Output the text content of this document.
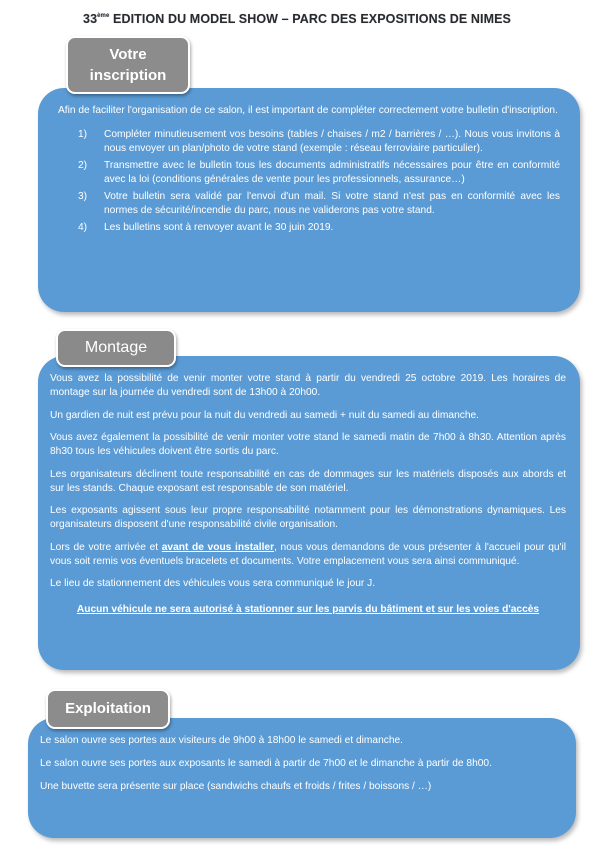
33ème EDITION DU MODEL SHOW – PARC DES EXPOSITIONS DE NIMES

Afin de faciliter l'organisation de ce salon, il est important de compléter correctement votre bulletin d'inscription.

1) Compléter minutieusement vos besoins (tables / chaises / m2 / barrières / …). Nous vous invitons à nous envoyer un plan/photo de votre stand (exemple : réseau ferroviaire particulier).
2) Transmettre avec le bulletin tous les documents administratifs nécessaires pour être en conformité avec la loi (conditions générales de vente pour les professionnels, assurance…)
3) Votre bulletin sera validé par l'envoi d'un mail. Si votre stand n'est pas en conformité avec les normes de sécurité/incendie du parc, nous ne validerons pas votre stand.
4) Les bulletins sont à renvoyer avant le 30 juin 2019.
Votre
inscription

Vous avez la possibilité de venir monter votre stand à partir du vendredi 25 octobre 2019. Les horaires de montage sur la journée du vendredi sont de 13h00 à 20h00.

Un gardien de nuit est prévu pour la nuit du vendredi au samedi + nuit du samedi au dimanche.

Vous avez également la possibilité de venir monter votre stand le samedi matin de 7h00 à 8h30. Attention après 8h30 tous les véhicules doivent être sortis du parc.

Les organisateurs déclinent toute responsabilité en cas de dommages sur les matériels disposés aux abords et sur les stands. Chaque exposant est responsable de son matériel.

Les exposants agissent sous leur propre responsabilité notamment pour les démonstrations dynamiques. Les organisateurs disposent d'une responsabilité civile organisation.

Lors de votre arrivée et avant de vous installer, nous vous demandons de vous présenter à l'accueil pour qu'il vous soit remis vos éventuels bracelets et documents. Votre emplacement vous sera ainsi communiqué.

Le lieu de stationnement des véhicules vous sera communiqué le jour J.

Aucun véhicule ne sera autorisé à stationner sur les parvis du bâtiment et sur les voies d'accès

Montage

Le salon ouvre ses portes aux visiteurs de 9h00 à 18h00 le samedi et dimanche.

Le salon ouvre ses portes aux exposants le samedi à partir de 7h00 et le dimanche à partir de 8h00.

Une buvette sera présente sur place (sandwichs chaufs et froids / frites / boissons / …)

Exploitation
